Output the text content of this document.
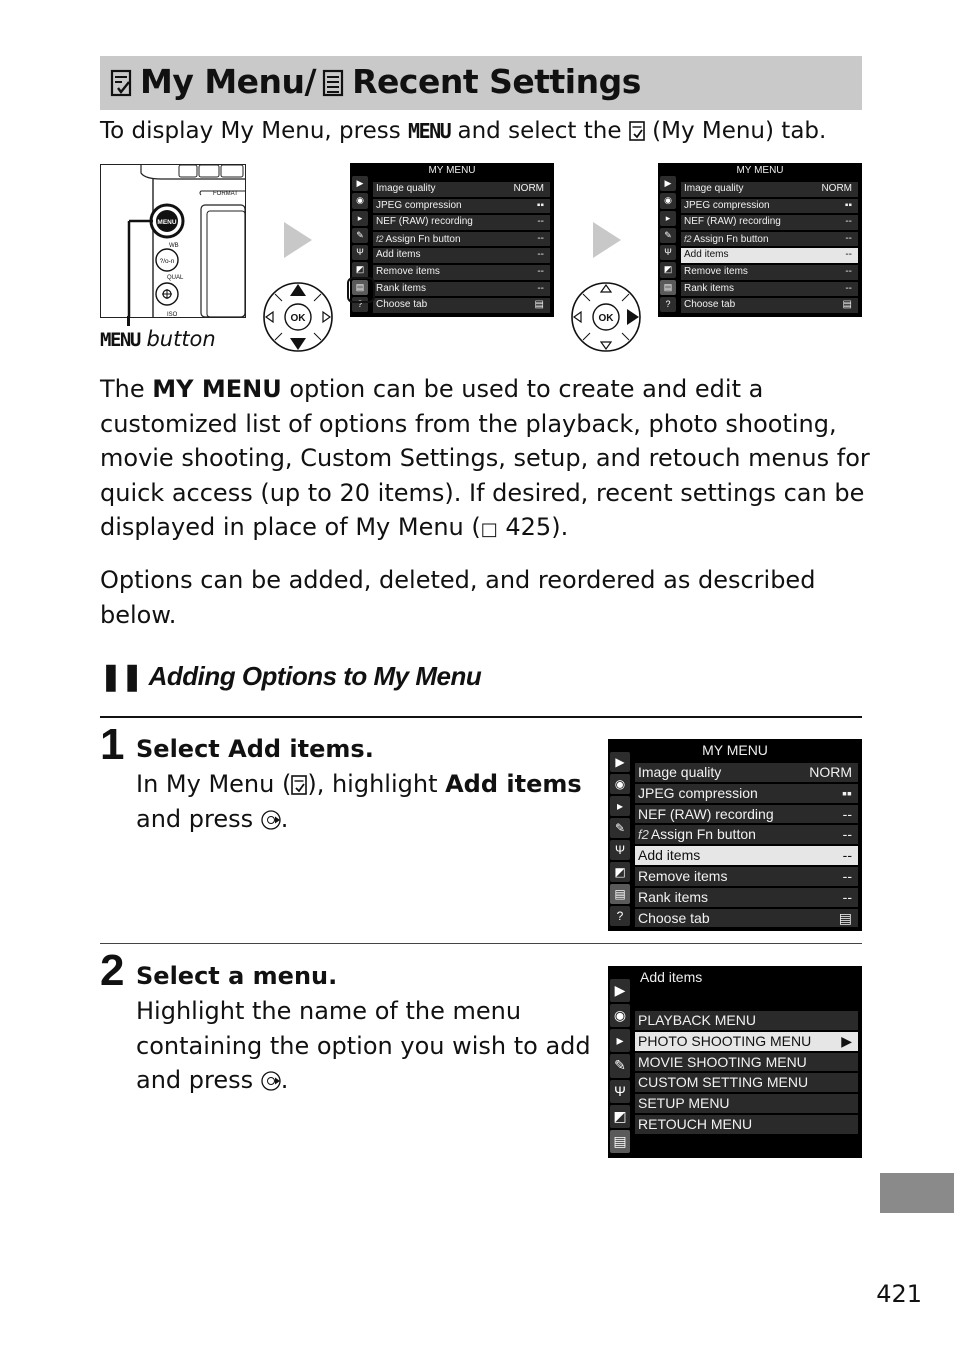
My Menu/ Recent Settings
To display My Menu, press MENU and select the  (My Menu) tab.
FORMAT
MENU
WB
?/o-n
QUAL
ISO
MENU button
OK	OK
MY MENU
▶
◉
▸
✎
Ψ
◩
▤
?
Image quality	NORM
JPEG compression	▪▪
NEF (RAW) recording	--
f2 Assign Fn button	--
Add items	--
Remove items	--
Rank items	--
Choose tab	▤
MY MENU
▶
◉
▸
✎
Ψ
◩
▤
?
Image quality	NORM
JPEG compression	▪▪
NEF (RAW) recording	--
f2 Assign Fn button	--
Add items	--
Remove items	--
Rank items	--
Choose tab	▤
The MY MENU option can be used to create and edit a customized list of options from the playback, photo shooting, movie shooting, Custom Settings, setup, and retouch menus for quick access (up to 20 items). If desired, recent settings can be displayed in place of My Menu (□ 425).
Options can be added, deleted, and reordered as described below.
❚❚ Adding Options to My Menu
1 Select Add items.
In My Menu ( ), highlight Add items and press .
MY MENU
▶
◉
▸
✎
Ψ
◩
▤
?
Image quality	NORM
JPEG compression	▪▪
NEF (RAW) recording	--
f2 Assign Fn button	--
Add items	--
Remove items	--
Rank items	--
Choose tab	▤
2 Select a menu.
Highlight the name of the menu containing the option you wish to add and press .
Add items
▶
◉
▸
✎
Ψ
◩
▤
PLAYBACK MENU
PHOTO SHOOTING MENU ▶
MOVIE SHOOTING MENU
CUSTOM SETTING MENU
SETUP MENU
RETOUCH MENU
421
